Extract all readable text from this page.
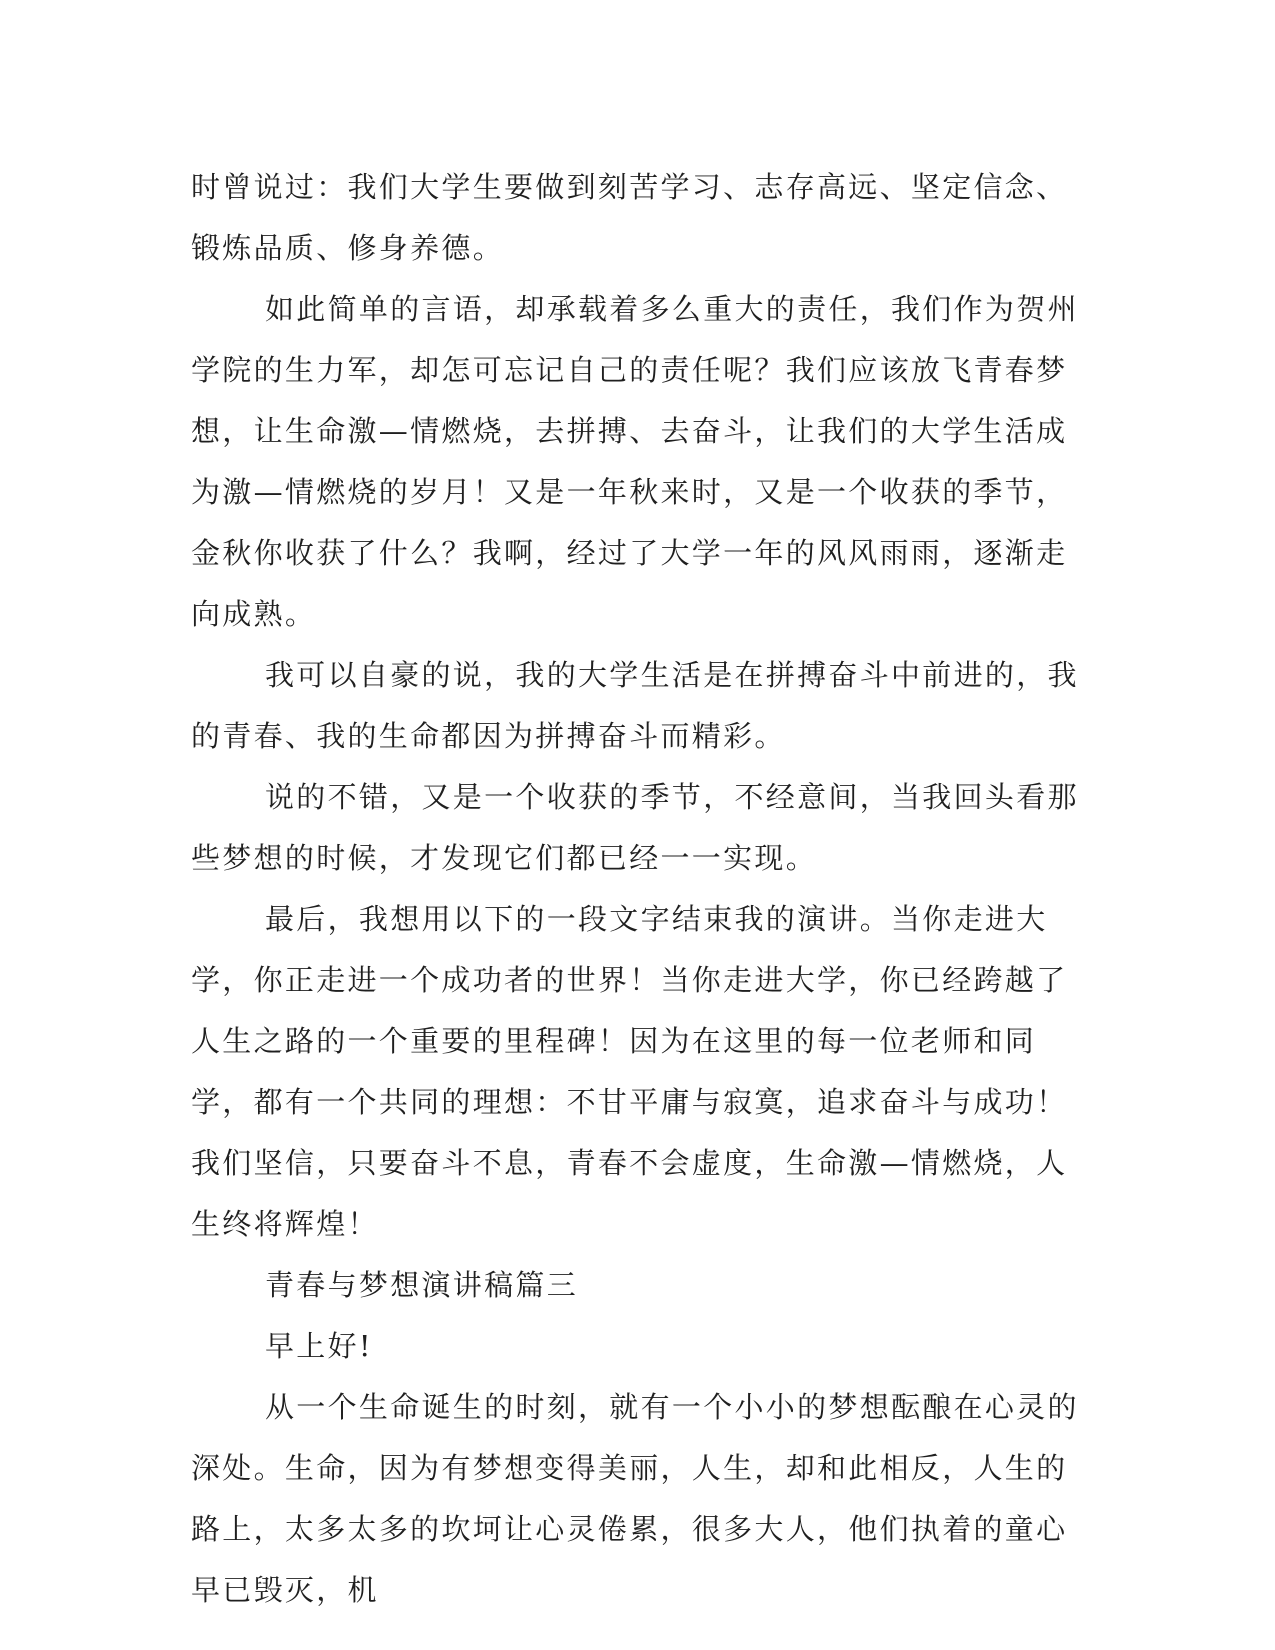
时曾说过：我们大学生要做到刻苦学习、志存高远、坚定信念、锻炼品质、修身养德。

如此简单的言语，却承载着多么重大的责任，我们作为贺州学院的生力军，却怎可忘记自己的责任呢？我们应该放飞青春梦想，让生命激—情燃烧，去拼搏、去奋斗，让我们的大学生活成为激—情燃烧的岁月！又是一年秋来时，又是一个收获的季节，金秋你收获了什么？我啊，经过了大学一年的风风雨雨，逐渐走向成熟。

我可以自豪的说，我的大学生活是在拼搏奋斗中前进的，我的青春、我的生命都因为拼搏奋斗而精彩。

说的不错，又是一个收获的季节，不经意间，当我回头看那些梦想的时候，才发现它们都已经一一实现。

最后，我想用以下的一段文字结束我的演讲。当你走进大学，你正走进一个成功者的世界！当你走进大学，你已经跨越了人生之路的一个重要的里程碑！因为在这里的每一位老师和同学，都有一个共同的理想：不甘平庸与寂寞，追求奋斗与成功！我们坚信，只要奋斗不息，青春不会虚度，生命激—情燃烧，人生终将辉煌！

青春与梦想演讲稿篇三

早上好!

从一个生命诞生的时刻，就有一个小小的梦想酝酿在心灵的深处。生命，因为有梦想变得美丽，人生，却和此相反，人生的路上，太多太多的坎坷让心灵倦累，很多大人，他们执着的童心早已毁灭，机
